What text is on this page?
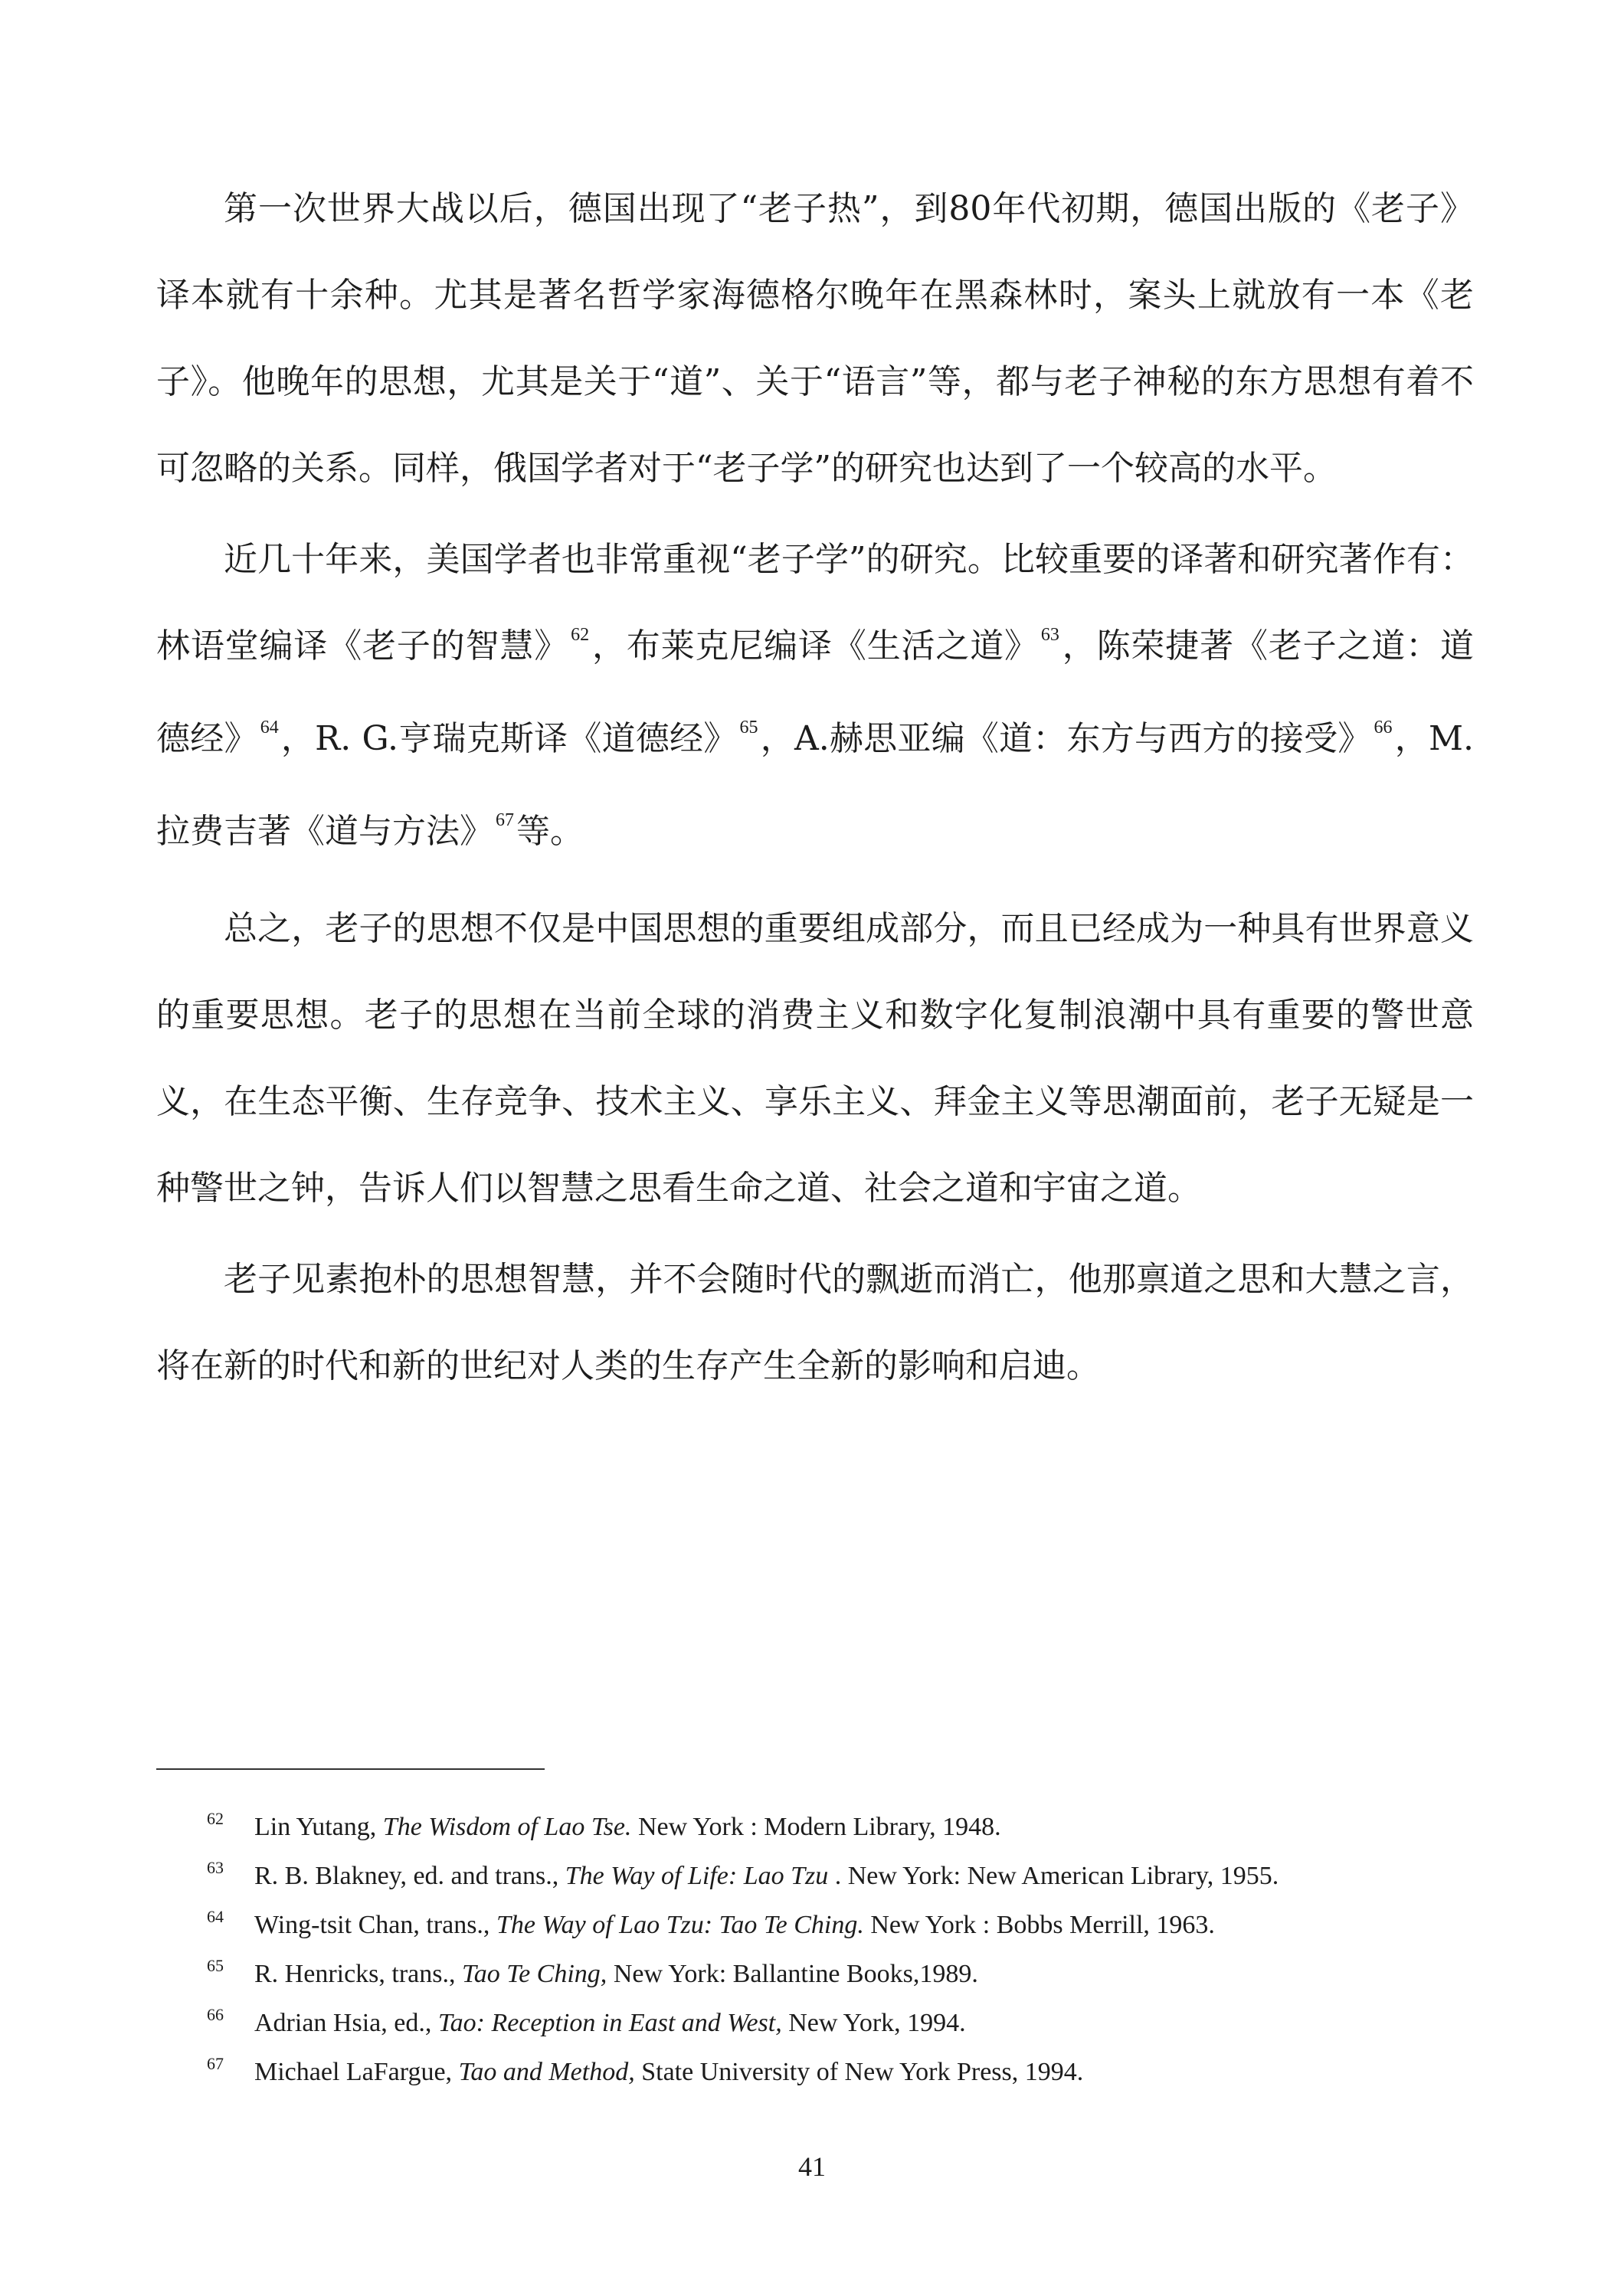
第一次世界大战以后，德国出现了“老子热”，到80年代初期，德国出版的《老子》译本就有十余种。尤其是著名哲学家海德格尔晚年在黑森林时，案头上就放有一本《老子》。他晚年的思想，尤其是关于“道”、关于“语言”等，都与老子神秘的东方思想有着不可忽略的关系。同样，俄国学者对于“老子学”的研究也达到了一个较高的水平。

近几十年来，美国学者也非常重视“老子学”的研究。比较重要的译著和研究著作有：林语堂编译《老子的智慧》 $^{62}$，布莱克尼编译《生活之道》 $^{63}$，陈荣捷著《老子之道：道德经》 $^{64}$，R. G.亨瑞克斯译《道德经》 $^{65}$，A.赫思亚编《道：东方与西方的接受》 $^{66}$，M.拉费吉著《道与方法》 $^{67}$等。

总之，老子的思想不仅是中国思想的重要组成部分，而且已经成为一种具有世界意义的重要思想。老子的思想在当前全球的消费主义和数字化复制浪潮中具有重要的警世意义，在生态平衡、生存竞争、技术主义、享乐主义、拜金主义等思潮面前，老子无疑是一种警世之钟，告诉人们以智慧之思看生命之道、社会之道和宇宙之道。

老子见素抱朴的思想智慧，并不会随时代的飘逝而消亡，他那禀道之思和大慧之言，将在新的时代和新的世纪对人类的生存产生全新的影响和启迪。

62 Lin Yutang, The Wisdom of Lao Tse. New York : Modern Library, 1948.
63 R. B. Blakney, ed. and trans., The Way of Life: Lao Tzu . New York: New American Library, 1955.
64 Wing-tsit Chan, trans., The Way of Lao Tzu: Tao Te Ching. New York : Bobbs Merrill, 1963.
65 R. Henricks, trans., Tao Te Ching, New York: Ballantine Books,1989.
66 Adrian Hsia, ed., Tao: Reception in East and West, New York, 1994.
67 Michael LaFargue, Tao and Method, State University of New York Press, 1994.
41
